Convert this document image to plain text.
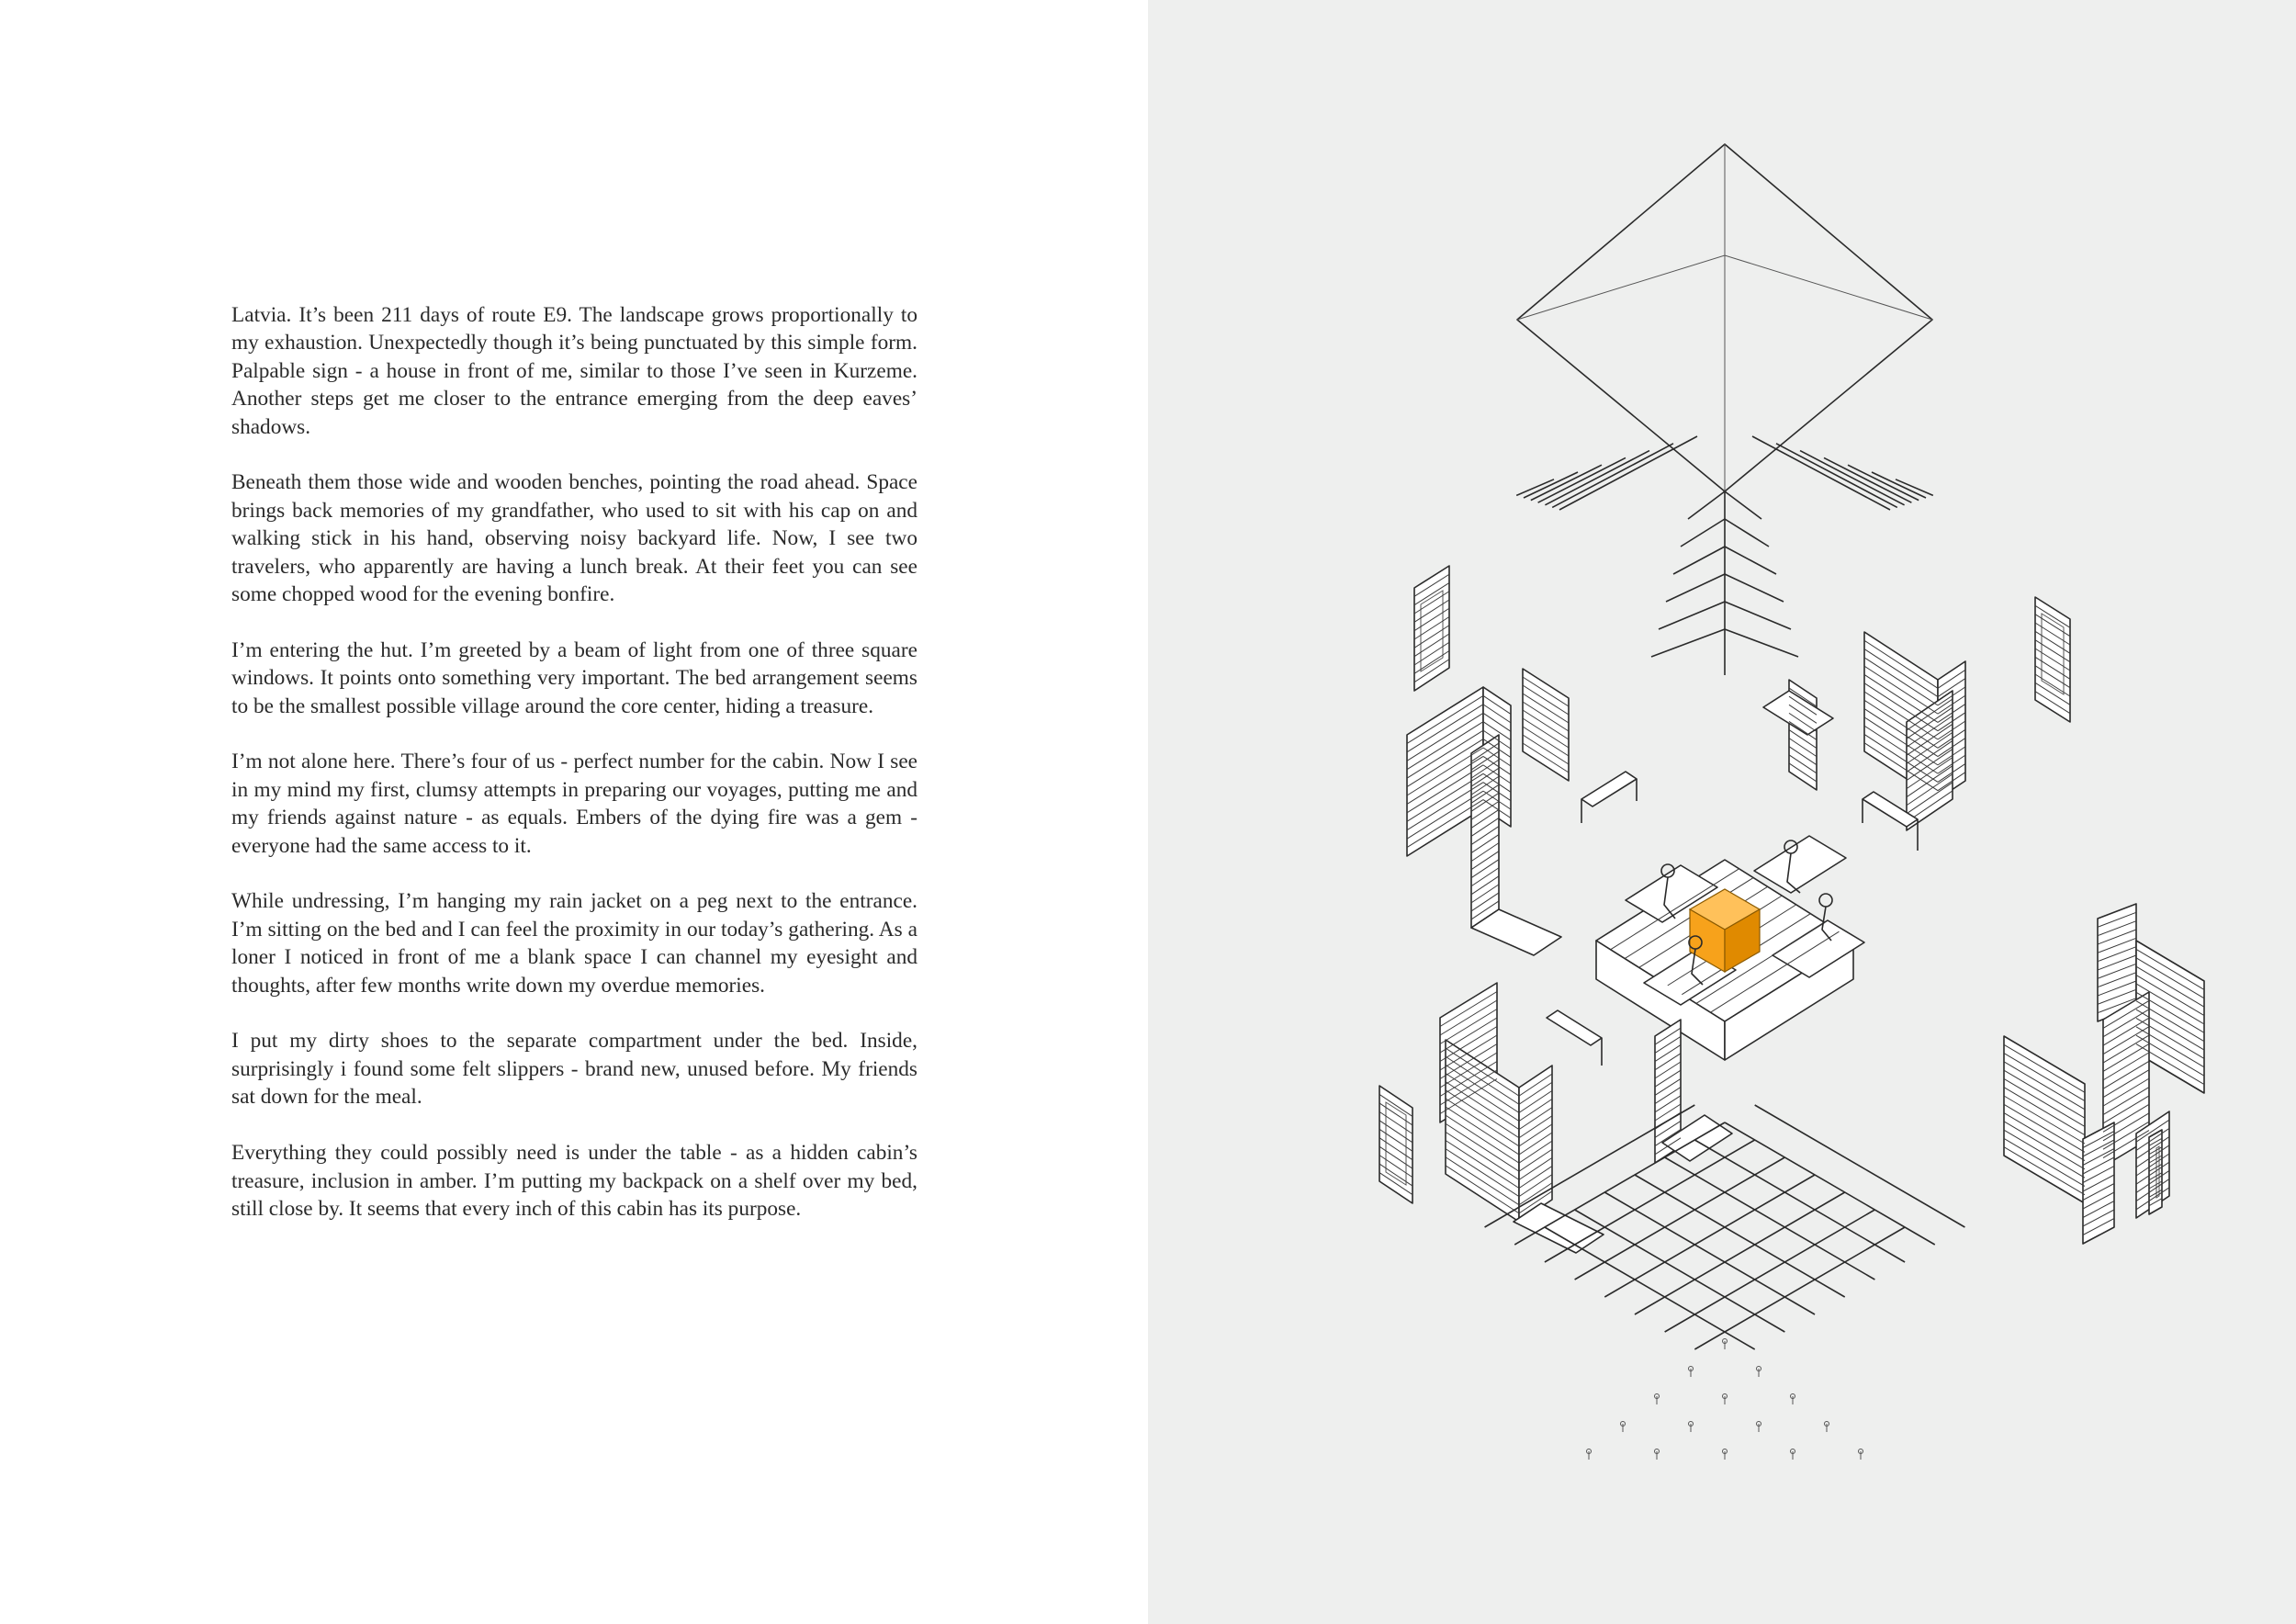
Latvia. It’s been 211 days of route E9. The landscape grows proportionally to my exhaustion. Unexpectedly though it’s being punctuated by this simple form. Palpable sign - a house in front of me, similar to those I’ve seen in Kurzeme. Another steps get me closer to the entrance emerging from the deep eaves’ shadows.

Beneath them those wide and wooden benches, pointing the road ahead. Space brings back memories of my grandfather, who used to sit with his cap on and walking stick in his hand, observing noisy backyard life. Now, I see two travelers, who apparently are having a lunch break. At their feet you can see some chopped wood for the evening bonfire.

I’m entering the hut. I’m greeted by a beam of light from one of three square windows. It points onto something very important. The bed arrangement seems to be the smallest possible village around the core center, hiding a treasure.

I’m not alone here. There’s four of us - perfect number for the cabin. Now I see in my mind my first, clumsy attempts in preparing our voyages, putting me and my friends against nature - as equals. Embers of the dying fire was a gem - everyone had the same access to it.

While undressing, I’m hanging my rain jacket on a peg next to the entrance. I’m sitting on the bed and I can feel the proximity in our today’s gathering. As a loner I noticed in front of me a blank space I can channel my eyesight and thoughts, after few months write down my overdue memories.

I put my dirty shoes to the separate compartment under the bed. Inside, surprisingly i found some felt slippers - brand new, unused before. My friends sat down for the meal.

Everything they could possibly need is under the table - as a hidden cabin’s treasure, inclusion in amber. I’m putting my backpack on a shelf over my bed, still close by. It seems that every inch of this cabin has its purpose.
